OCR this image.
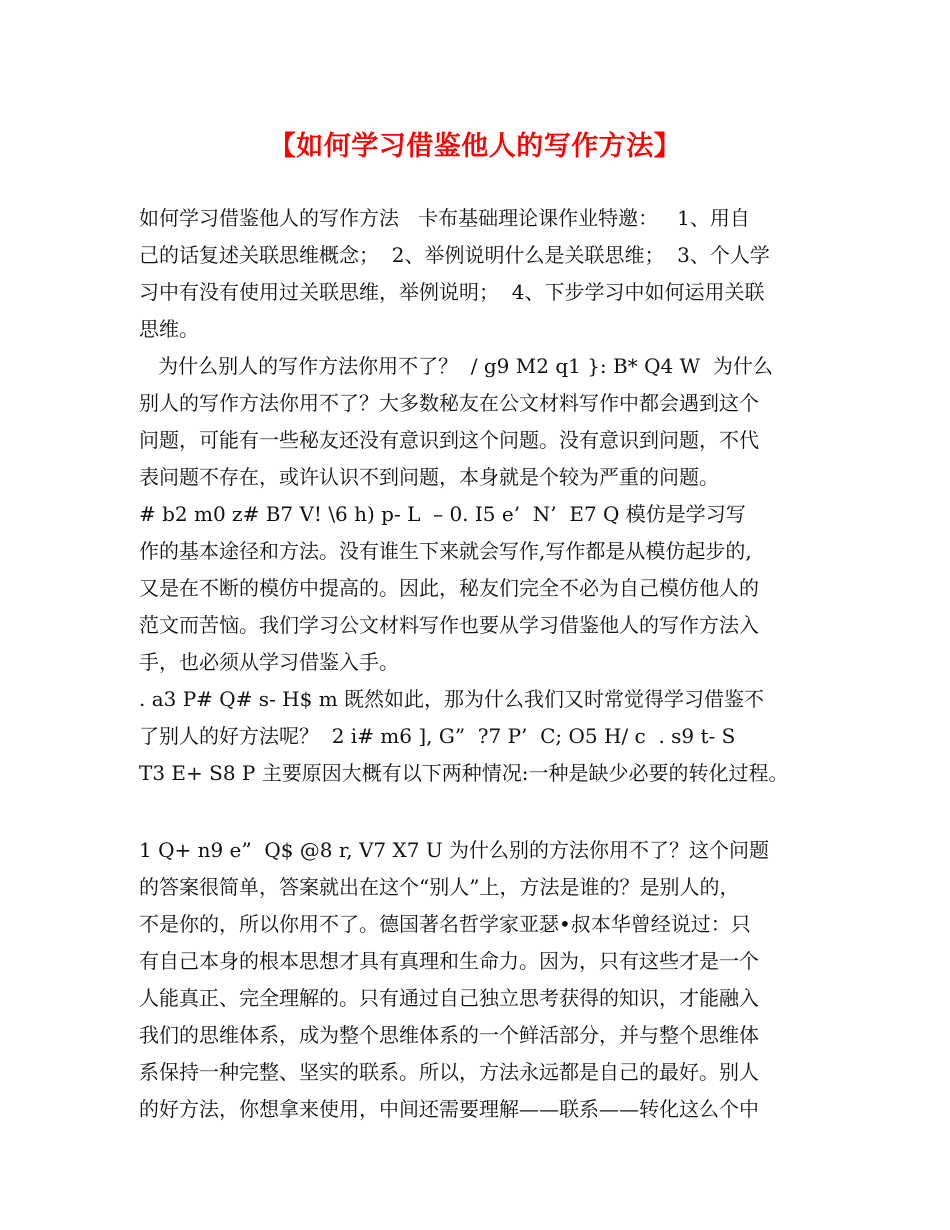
【如何学习借鉴他人的写作方法】
如何学习借鉴他人的写作方法   卡布基础理论课作业特邀：   1、用自
己的话复述关联思维概念；  2、举例说明什么是关联思维；  3、个人学
习中有没有使用过关联思维，举例说明；  4、下步学习中如何运用关联
思维。
为什么别人的写作方法你用不了？  / g9 M2 q1 }: B* Q4 W  为什么
别人的写作方法你用不了？大多数秘友在公文材料写作中都会遇到这个
问题，可能有一些秘友还没有意识到这个问题。没有意识到问题，不代
表问题不存在，或许认识不到问题，本身就是个较为严重的问题。
# b2 m0 z# B7 V! \6 h) p- L  – 0. I5 e’  N’  E7 Q 模仿是学习写
作的基本途径和方法。没有谁生下来就会写作,写作都是从模仿起步的,
又是在不断的模仿中提高的。因此，秘友们完全不必为自己模仿他人的
范文而苦恼。我们学习公文材料写作也要从学习借鉴他人的写作方法入
手，也必须从学习借鉴入手。
. a3 P# Q# s- H$ m 既然如此，那为什么我们又时常觉得学习借鉴不
了别人的好方法呢？  2 i# m6 ], G”  ?7 P’  C; O5 H/ c  . s9 t- S
T3 E+ S8 P 主要原因大概有以下两种情况:一种是缺少必要的转化过程。
1 Q+ n9 e”  Q$ @8 r, V7 X7 U 为什么别的方法你用不了？这个问题
的答案很简单，答案就出在这个“别人”上，方法是谁的？是别人的，
不是你的，所以你用不了。德国著名哲学家亚瑟•叔本华曾经说过：只
有自己本身的根本思想才具有真理和生命力。因为，只有这些才是一个
人能真正、完全理解的。只有通过自己独立思考获得的知识，才能融入
我们的思维体系，成为整个思维体系的一个鲜活部分，并与整个思维体
系保持一种完整、坚实的联系。所以，方法永远都是自己的最好。别人
的好方法，你想拿来使用，中间还需要理解——联系——转化这么个中
